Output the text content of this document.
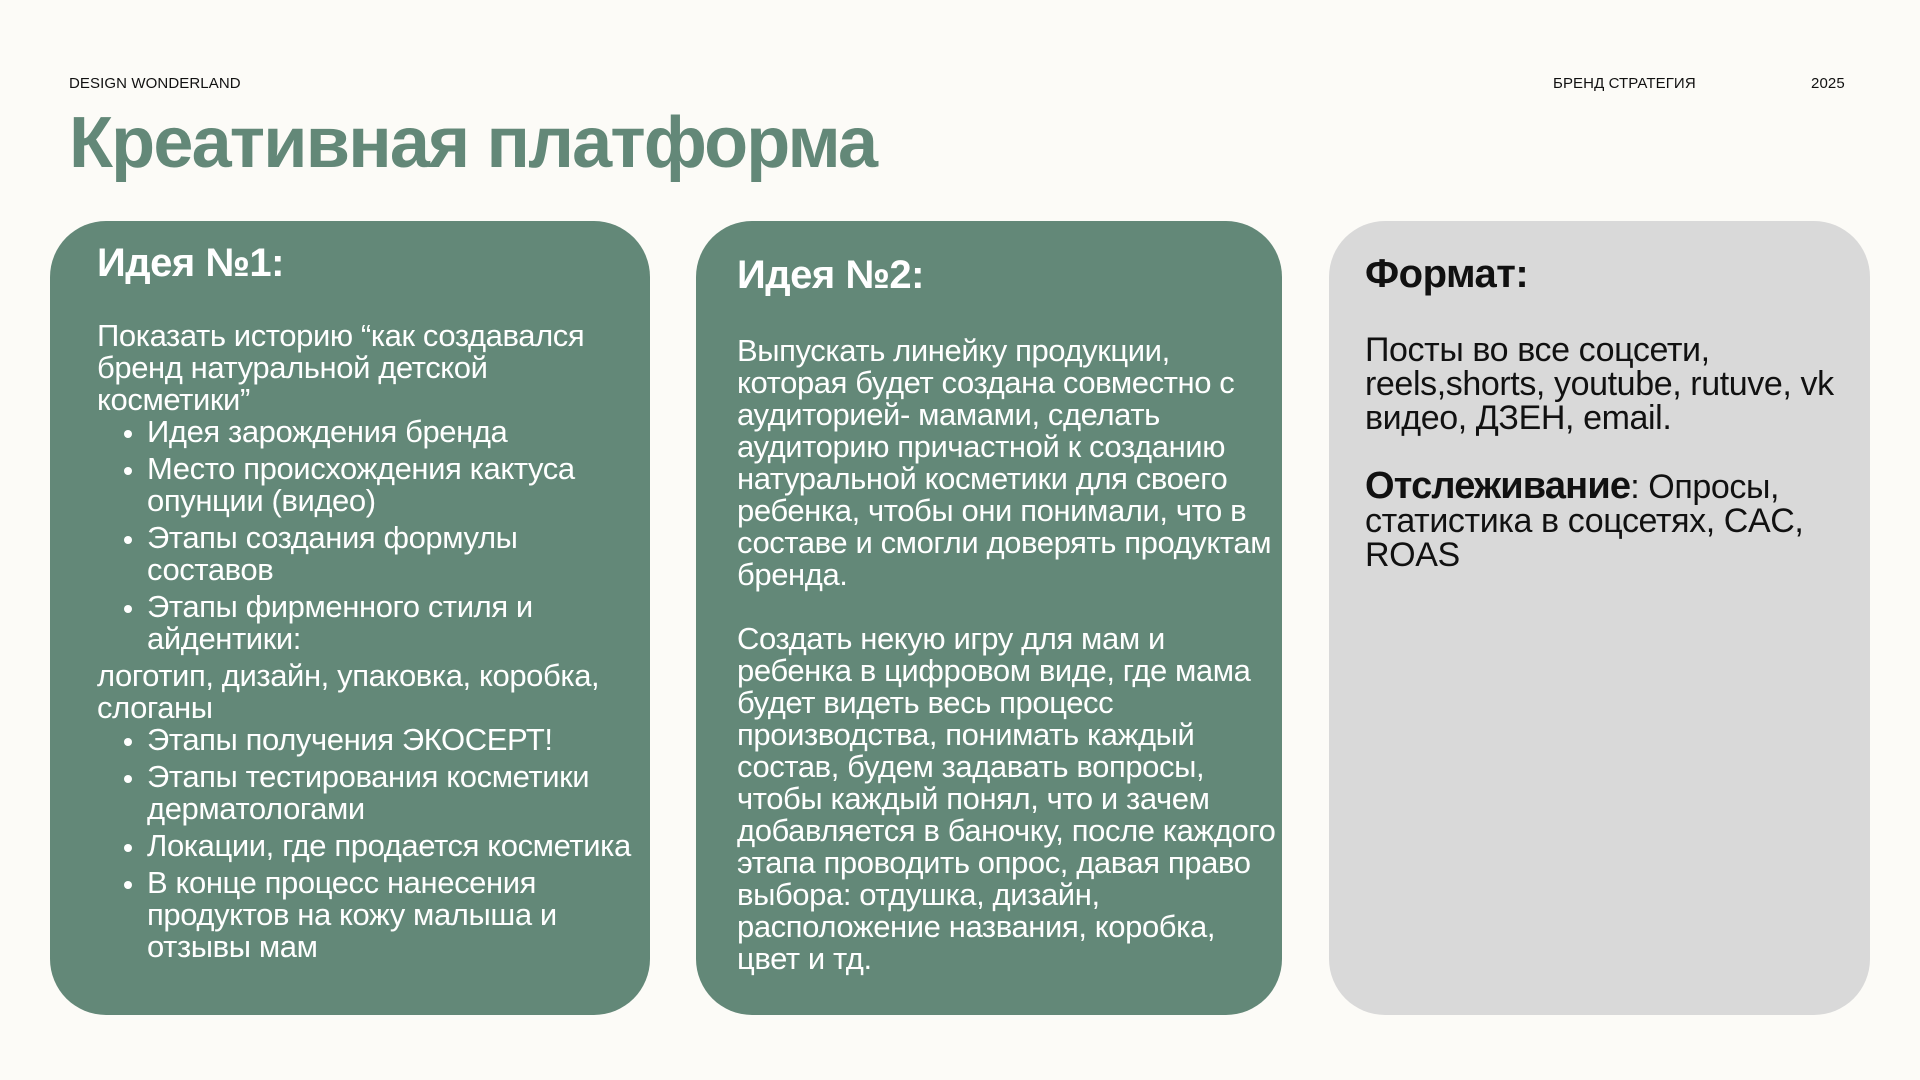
DESIGN WONDERLAND	БРЕНД СТРАТЕГИЯ	2025
Креативная платформа
Идея №1:

Показать историю “как создавался бренд натуральной детской косметики”

• Идея зарождения бренда
• Место происхождения кактуса опунции (видео)
• Этапы создания формулы составов
• Этапы фирменного стиля и айдентики:

логотип, дизайн, упаковка, коробка, слоганы

• Этапы получения ЭКОСЕРТ!
• Этапы тестирования косметики дерматологами
• Локации, где продается косметика
• В конце процесс нанесения продуктов на кожу малыша и отзывы мам
Идея №2:

Выпускать линейку продукции, которая будет создана совместно с аудиторией- мамами, сделать аудиторию причастной к созданию натуральной косметики для своего ребенка, чтобы они понимали, что в составе и смогли доверять продуктам бренда.

Создать некую игру для мам и ребенка в цифровом виде, где мама будет видеть весь процесс производства, понимать каждый состав, будем задавать вопросы, чтобы каждый понял, что и зачем добавляется в баночку, после каждого этапа проводить опрос, давая право выбора: отдушка, дизайн, расположение названия, коробка, цвет и тд.

Формат:

Посты во все соцсети, reels,shorts, youtube, rutuve, vk видео, ДЗЕН, email.

Отслеживание: Опросы, статистика в соцсетях, CAC, ROAS
